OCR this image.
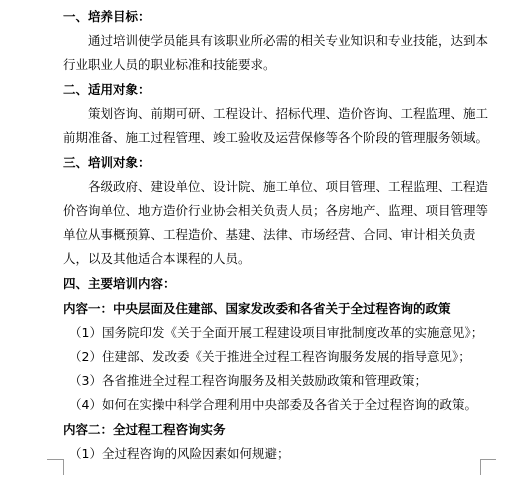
一、培养目标：

通过培训使学员能具有该职业所必需的相关专业知识和专业技能，达到本行业职业人员的职业标准和技能要求。

二、适用对象：

策划咨询、前期可研、工程设计、招标代理、造价咨询、工程监理、施工前期准备、施工过程管理、竣工验收及运营保修等各个阶段的管理服务领域。

三、培训对象：

各级政府、建设单位、设计院、施工单位、项目管理、工程监理、工程造价咨询单位、地方造价行业协会相关负责人员；各房地产、监理、项目管理等单位从事概预算、工程造价、基建、法律、市场经营、合同、审计相关负责人，以及其他适合本课程的人员。

四、主要培训内容：

内容一：中央层面及住建部、国家发改委和各省关于全过程咨询的政策

（1）国务院印发《关于全面开展工程建设项目审批制度改革的实施意见》；

（2）住建部、发改委《关于推进全过程工程咨询服务发展的指导意见》；

（3）各省推进全过程工程咨询服务及相关鼓励政策和管理政策；

（4）如何在实操中科学合理利用中央部委及各省关于全过程咨询的政策。

内容二：全过程工程咨询实务

（1）全过程咨询的风险因素如何规避；
